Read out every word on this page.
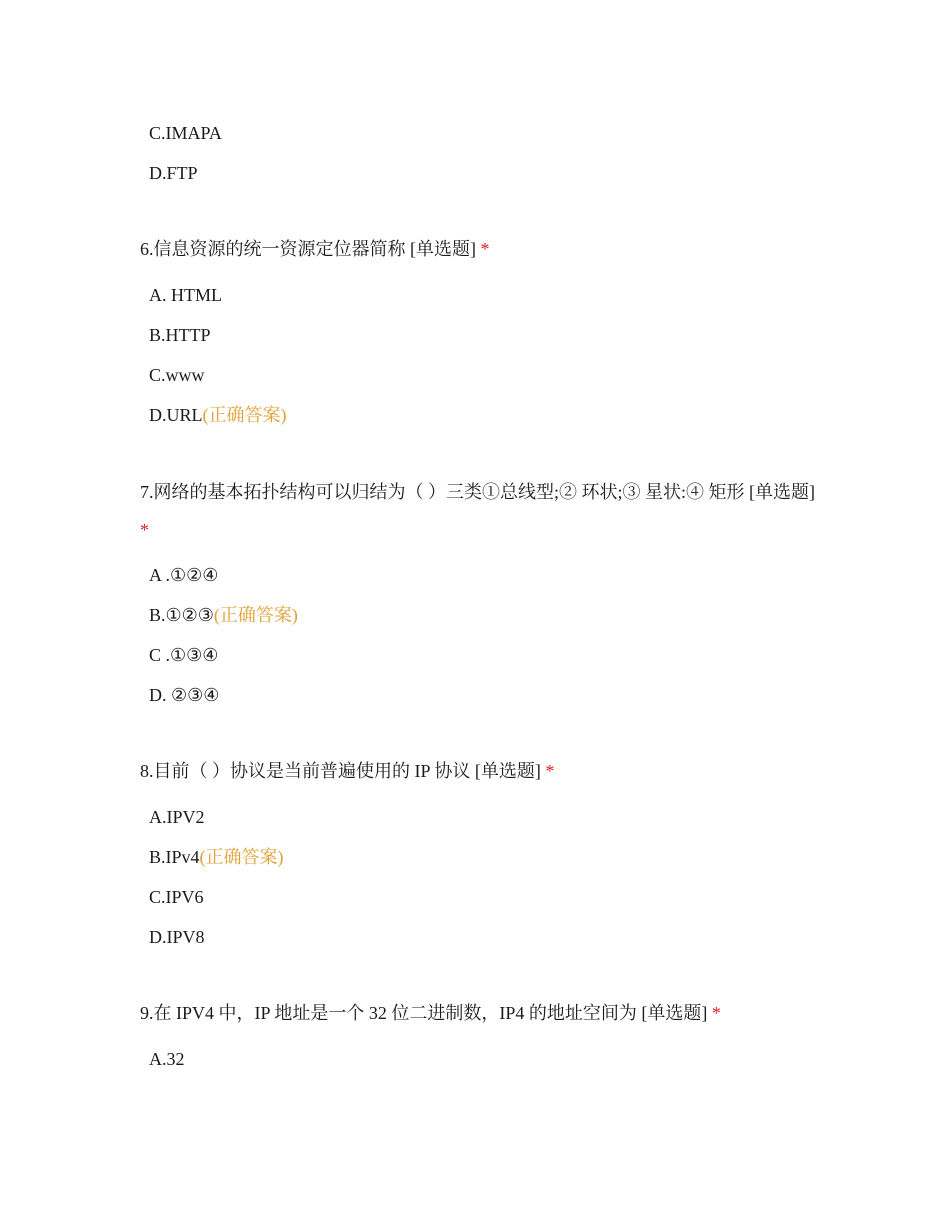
C.IMAPA
D.FTP
6.信息资源的统一资源定位器简称 [单选题] *
A. HTML
B.HTTP
C.www
D.URL(正确答案)
7.网络的基本拓扑结构可以归结为（ ）三类①总线型;② 环状;③ 星状:④ 矩形 [单选题] *
A .①②④
B.①②③(正确答案)
C .①③④
D. ②③④
8.目前（ ）协议是当前普遍使用的 IP 协议 [单选题] *
A.IPV2
B.IPv4(正确答案)
C.IPV6
D.IPV8
9.在 IPV4 中，IP 地址是一个 32 位二进制数，IP4 的地址空间为 [单选题] *
A.32
